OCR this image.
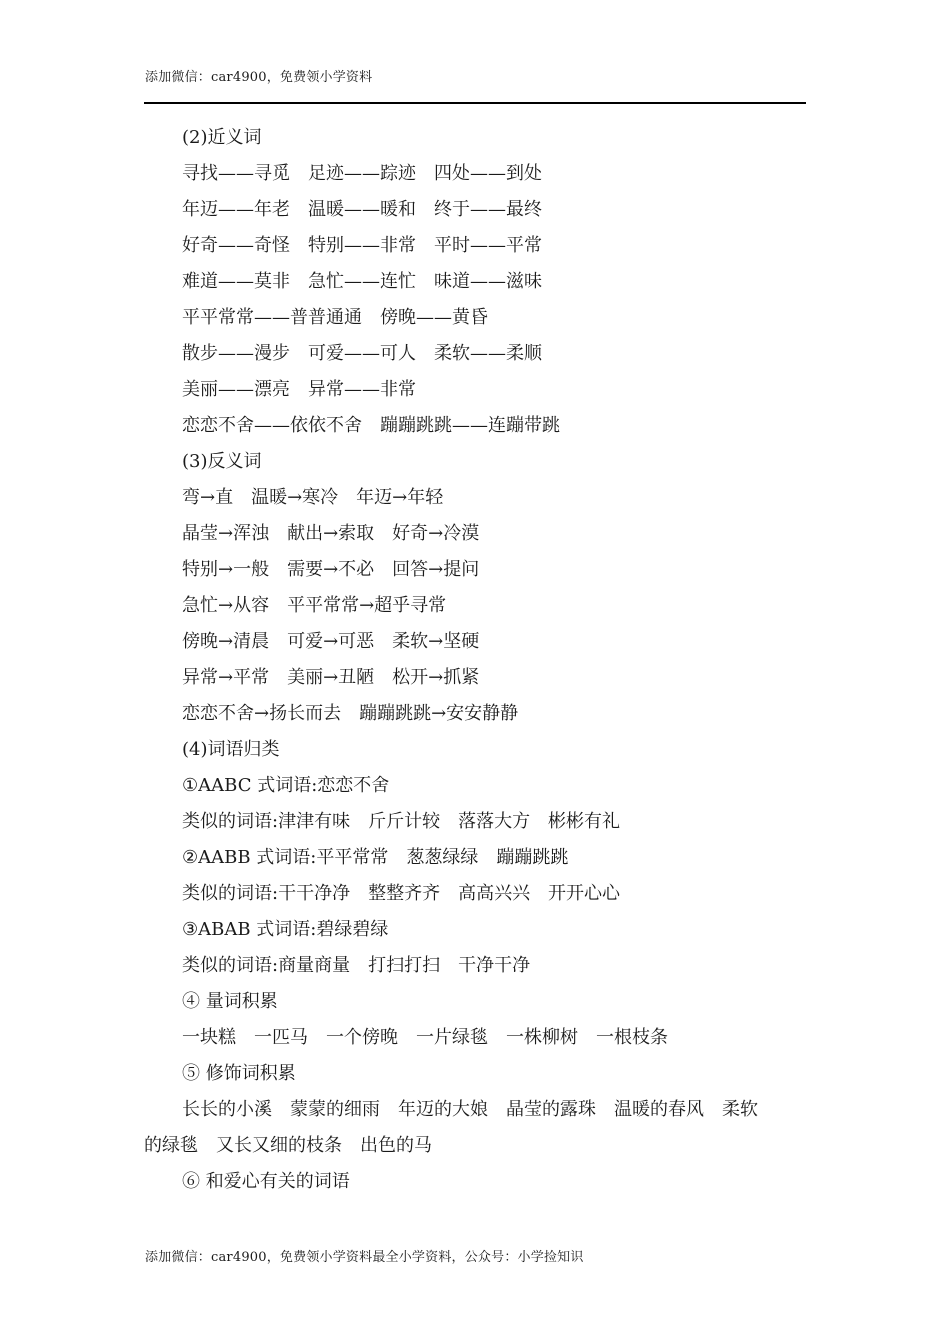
添加微信：car4900，免费领小学资料
(2)近义词
寻找——寻觅　足迹——踪迹　四处——到处
年迈——年老　温暖——暖和　终于——最终
好奇——奇怪　特别——非常　平时——平常
难道——莫非　急忙——连忙　味道——滋味
平平常常——普普通通　傍晚——黄昏
散步——漫步　可爱——可人　柔软——柔顺
美丽——漂亮　异常——非常
恋恋不舍——依依不舍　蹦蹦跳跳——连蹦带跳
(3)反义词
弯→直　温暖→寒冷　年迈→年轻
晶莹→浑浊　献出→索取　好奇→冷漠
特别→一般　需要→不必　回答→提问
急忙→从容　平平常常→超乎寻常
傍晚→清晨　可爱→可恶　柔软→坚硬
异常→平常　美丽→丑陋　松开→抓紧
恋恋不舍→扬长而去　蹦蹦跳跳→安安静静
(4)词语归类
①AABC 式词语:恋恋不舍
类似的词语:津津有味　斤斤计较　落落大方　彬彬有礼
②AABB 式词语:平平常常　葱葱绿绿　蹦蹦跳跳
类似的词语:干干净净　整整齐齐　高高兴兴　开开心心
③ABAB 式词语:碧绿碧绿
类似的词语:商量商量　打扫打扫　干净干净
④ 量词积累
一块糕　一匹马　一个傍晚　一片绿毯　一株柳树　一根枝条
⑤ 修饰词积累
长长的小溪　蒙蒙的细雨　年迈的大娘　晶莹的露珠　温暖的春风　柔软
的绿毯　又长又细的枝条　出色的马
⑥ 和爱心有关的词语
添加微信：car4900，免费领小学资料最全小学资料，公众号：小学捡知识
